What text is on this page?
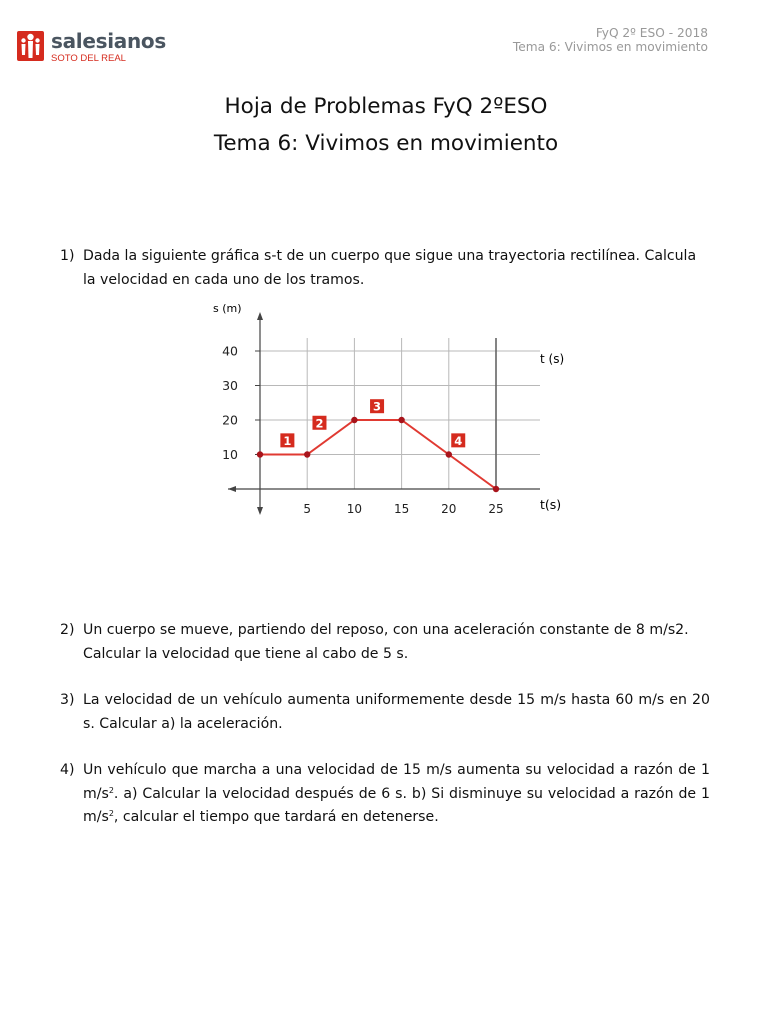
salesianos
SOTO DEL REAL
FyQ 2º ESO - 2018
Tema 6: Vivimos en movimiento
Hoja de Problemas FyQ 2ºESO
Tema 6: Vivimos en movimiento
1) Dada la siguiente gráfica s-t de un cuerpo que sigue una trayectoria rectilínea. Calcula
la velocidad en cada uno de los tramos.
10
20
30
40
5	10	15	20	25
1
2
3
4
s (m)
t (s)
t(s)
2) Un cuerpo se mueve, partiendo del reposo, con una aceleración constante de 8 m/s2.
Calcular la velocidad que tiene al cabo de 5 s.
3) La velocidad de un vehículo aumenta uniformemente desde 15 m/s hasta 60 m/s en 20
s. Calcular a) la aceleración.
4) Un vehículo que marcha a una velocidad de 15 m/s aumenta su velocidad a razón de 1
$m/s^2$. a) Calcular la velocidad después de 6 s. b) Si disminuye su velocidad a razón de 1
$m/s^2$, calcular el tiempo que tardará en detenerse.
